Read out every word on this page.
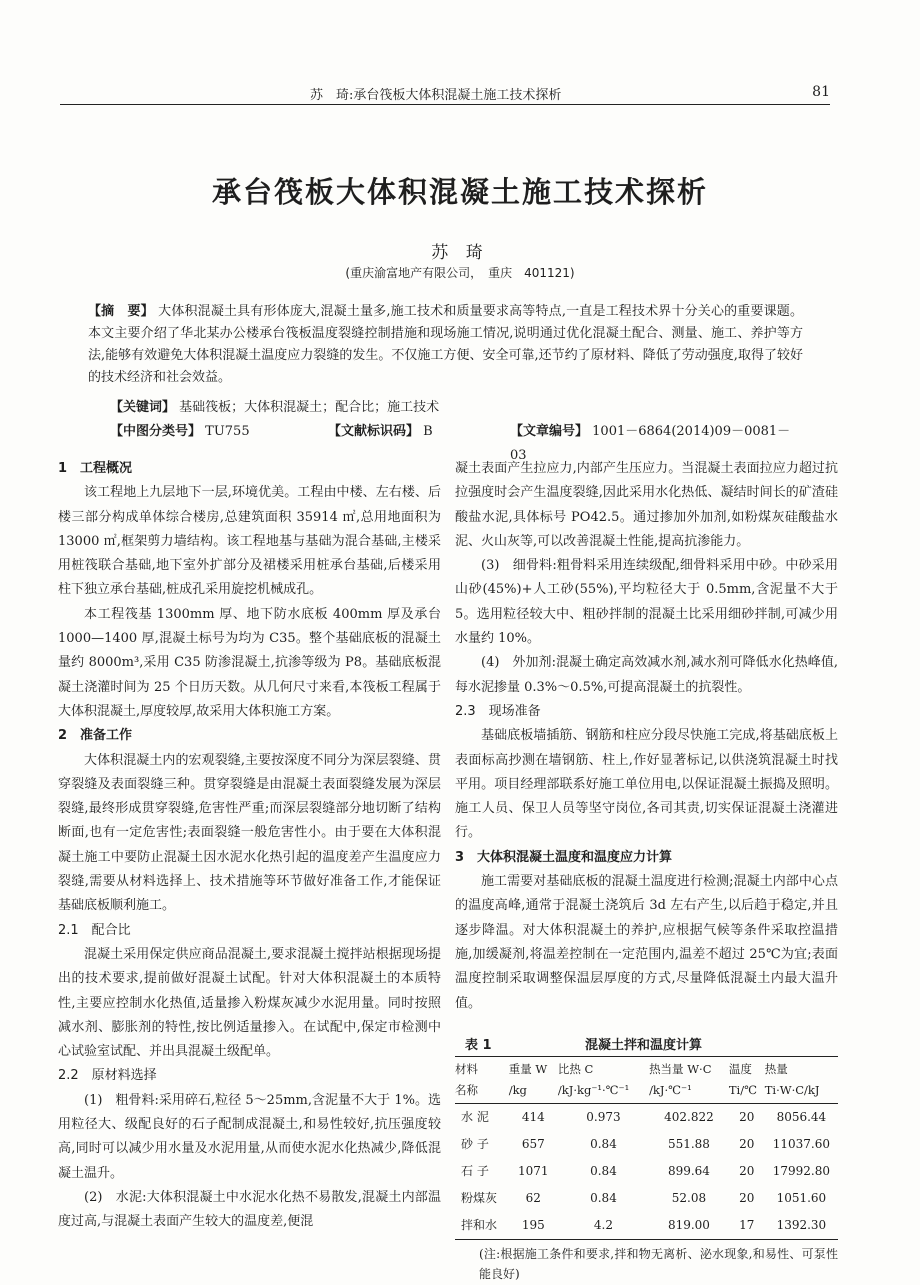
苏　琦:承台筏板大体积混凝土施工技术探析	81

承台筏板大体积混凝土施工技术探析
苏 琦
(重庆渝富地产有限公司，　重庆　401121)
【摘　要】 大体积混凝土具有形体庞大,混凝土量多,施工技术和质量要求高等特点,一直是工程技术界十分关心的重要课题。本文主要介绍了华北某办公楼承台筏板温度裂缝控制措施和现场施工情况,说明通过优化混凝土配合、测量、施工、养护等方法,能够有效避免大体积混凝土温度应力裂缝的发生。不仅施工方便、安全可靠,还节约了原材料、降低了劳动强度,取得了较好的技术经济和社会效益。
【关键词】 基础筏板；大体积混凝土；配合比；施工技术
【中图分类号】 TU755	【文献标识码】 B	【文章编号】 1001－6864(2014)09－0081－03
1　工程概况

该工程地上九层地下一层,环境优美。工程由中楼、左右楼、后楼三部分构成单体综合楼房,总建筑面积 35914 ㎡,总用地面积为 13000 ㎡,框架剪力墙结构。该工程地基与基础为混合基础,主楼采用桩筏联合基础,地下室外扩部分及裙楼采用桩承台基础,后楼采用柱下独立承台基础,桩成孔采用旋挖机械成孔。

本工程筏基 1300mm 厚、地下防水底板 400mm 厚及承台 1000—1400 厚,混凝土标号为均为 C35。整个基础底板的混凝土量约 8000m³,采用 C35 防渗混凝土,抗渗等级为 P8。基础底板混凝土浇灌时间为 25 个日历天数。从几何尺寸来看,本筏板工程属于大体积混凝土,厚度较厚,故采用大体积施工方案。

2　准备工作

大体积混凝土内的宏观裂缝,主要按深度不同分为深层裂缝、贯穿裂缝及表面裂缝三种。贯穿裂缝是由混凝土表面裂缝发展为深层裂缝,最终形成贯穿裂缝,危害性严重;而深层裂缝部分地切断了结构断面,也有一定危害性;表面裂缝一般危害性小。由于要在大体积混凝土施工中要防止混凝土因水泥水化热引起的温度差产生温度应力裂缝,需要从材料选择上、技术措施等环节做好准备工作,才能保证基础底板顺利施工。

2.1　配合比

混凝土采用保定供应商品混凝土,要求混凝土搅拌站根据现场提出的技术要求,提前做好混凝土试配。针对大体积混凝土的本质特性,主要应控制水化热值,适量掺入粉煤灰减少水泥用量。同时按照减水剂、膨胀剂的特性,按比例适量掺入。在试配中,保定市检测中心试验室试配、并出具混凝土级配单。

2.2　原材料选择

(1)　粗骨料:采用碎石,粒径 5～25mm,含泥量不大于 1%。选用粒径大、级配良好的石子配制成混凝土,和易性较好,抗压强度较高,同时可以减少用水量及水泥用量,从而使水泥水化热减少,降低混凝土温升。

(2)　水泥:大体积混凝土中水泥水化热不易散发,混凝土内部温度过高,与混凝土表面产生较大的温度差,便混

凝土表面产生拉应力,内部产生压应力。当混凝土表面拉应力超过抗拉强度时会产生温度裂缝,因此采用水化热低、凝结时间长的矿渣硅酸盐水泥,具体标号 PO42.5。通过掺加外加剂,如粉煤灰硅酸盐水泥、火山灰等,可以改善混凝土性能,提高抗渗能力。

(3)　细骨料:粗骨料采用连续级配,细骨料采用中砂。中砂采用山砂(45%)+人工砂(55%),平均粒径大于 0.5mm,含泥量不大于 5。选用粒径较大中、粗砂拌制的混凝土比采用细砂拌制,可减少用水量约 10%。

(4)　外加剂:混凝土确定高效减水剂,减水剂可降低水化热峰值,每水泥掺量 0.3%～0.5%,可提高混凝土的抗裂性。

2.3　现场准备

基础底板墙插筋、钢筋和柱应分段尽快施工完成,将基础底板上表面标高抄测在墙钢筋、柱上,作好显著标记,以供浇筑混凝土时找平用。项目经理部联系好施工单位用电,以保证混凝土振捣及照明。施工人员、保卫人员等坚守岗位,各司其责,切实保证混凝土浇灌进行。

3　大体积混凝土温度和温度应力计算

施工需要对基础底板的混凝土温度进行检测;混凝土内部中心点的温度高峰,通常于混凝土浇筑后 3d 左右产生,以后趋于稳定,并且逐步降温。对大体积混凝土的养护,应根据气候等条件采取控温措施,加缓凝剂,将温差控制在一定范围内,温差不超过 25℃为宜;表面温度控制采取调整保温层厚度的方式,尽量降低混凝土内最大温升值。

表 1	混凝土拌和温度计算
材料	重量 W	比热 C	热当量 W·C	温度	热量
名称	/kg	/kJ·kg⁻¹·℃⁻¹	/kJ·℃⁻¹	Ti/℃	Ti·W·C/kJ
水 泥	414	0.973	402.822	20	8056.44
砂 子	657	0.84	551.88	20	11037.60
石 子	1071	0.84	899.64	20	17992.80
粉煤灰	62	0.84	52.08	20	1051.60
拌和水	195	4.2	819.00	17	1392.30
(注:根据施工条件和要求,拌和物无离析、泌水现象,和易性、可泵性能良好)
